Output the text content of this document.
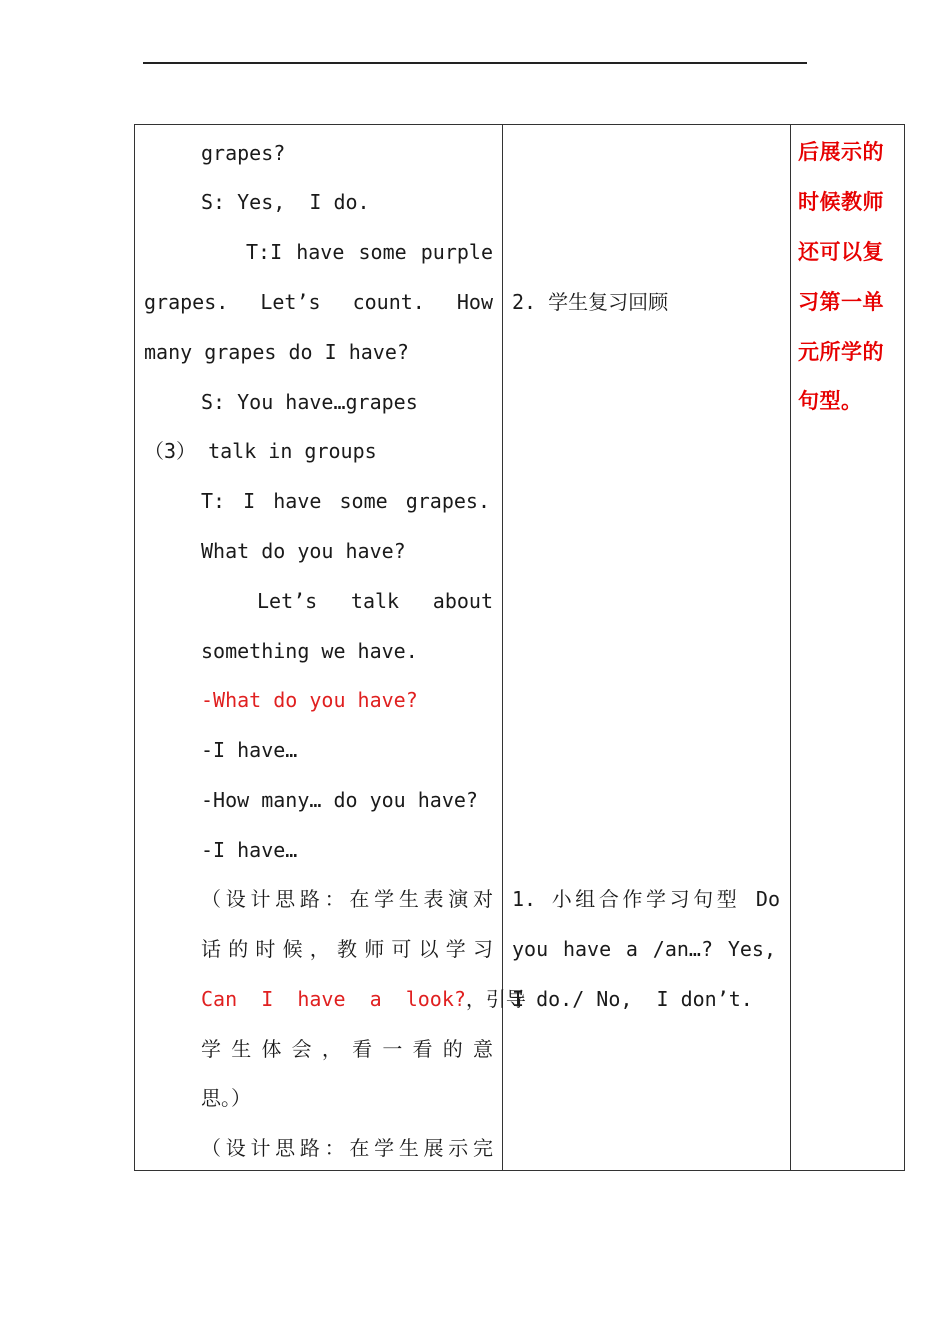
grapes?
S: Yes,  I do.
T:I have some purple
grapes. Let’s count. How
many grapes do I have?
S: You have…grapes
（3） talk in groups
T: I have some grapes.
What do you have?
Let’s talk about
something we have.
-What do you have?
-I have…
-How many… do you have?
-I have…
（设计思路：在学生表演对
话的时候，教师可以学习
Can  I  have  a  look?，引导
学生体会，看一看的意
思。）
（设计思路：在学生展示完
2. 学生复习回顾
1. 小组合作学习句型 Do
you have a /an…? Yes,
I do./ No,  I don’t.
后展示的
时候教师
还可以复
习第一单
元所学的
句型。
